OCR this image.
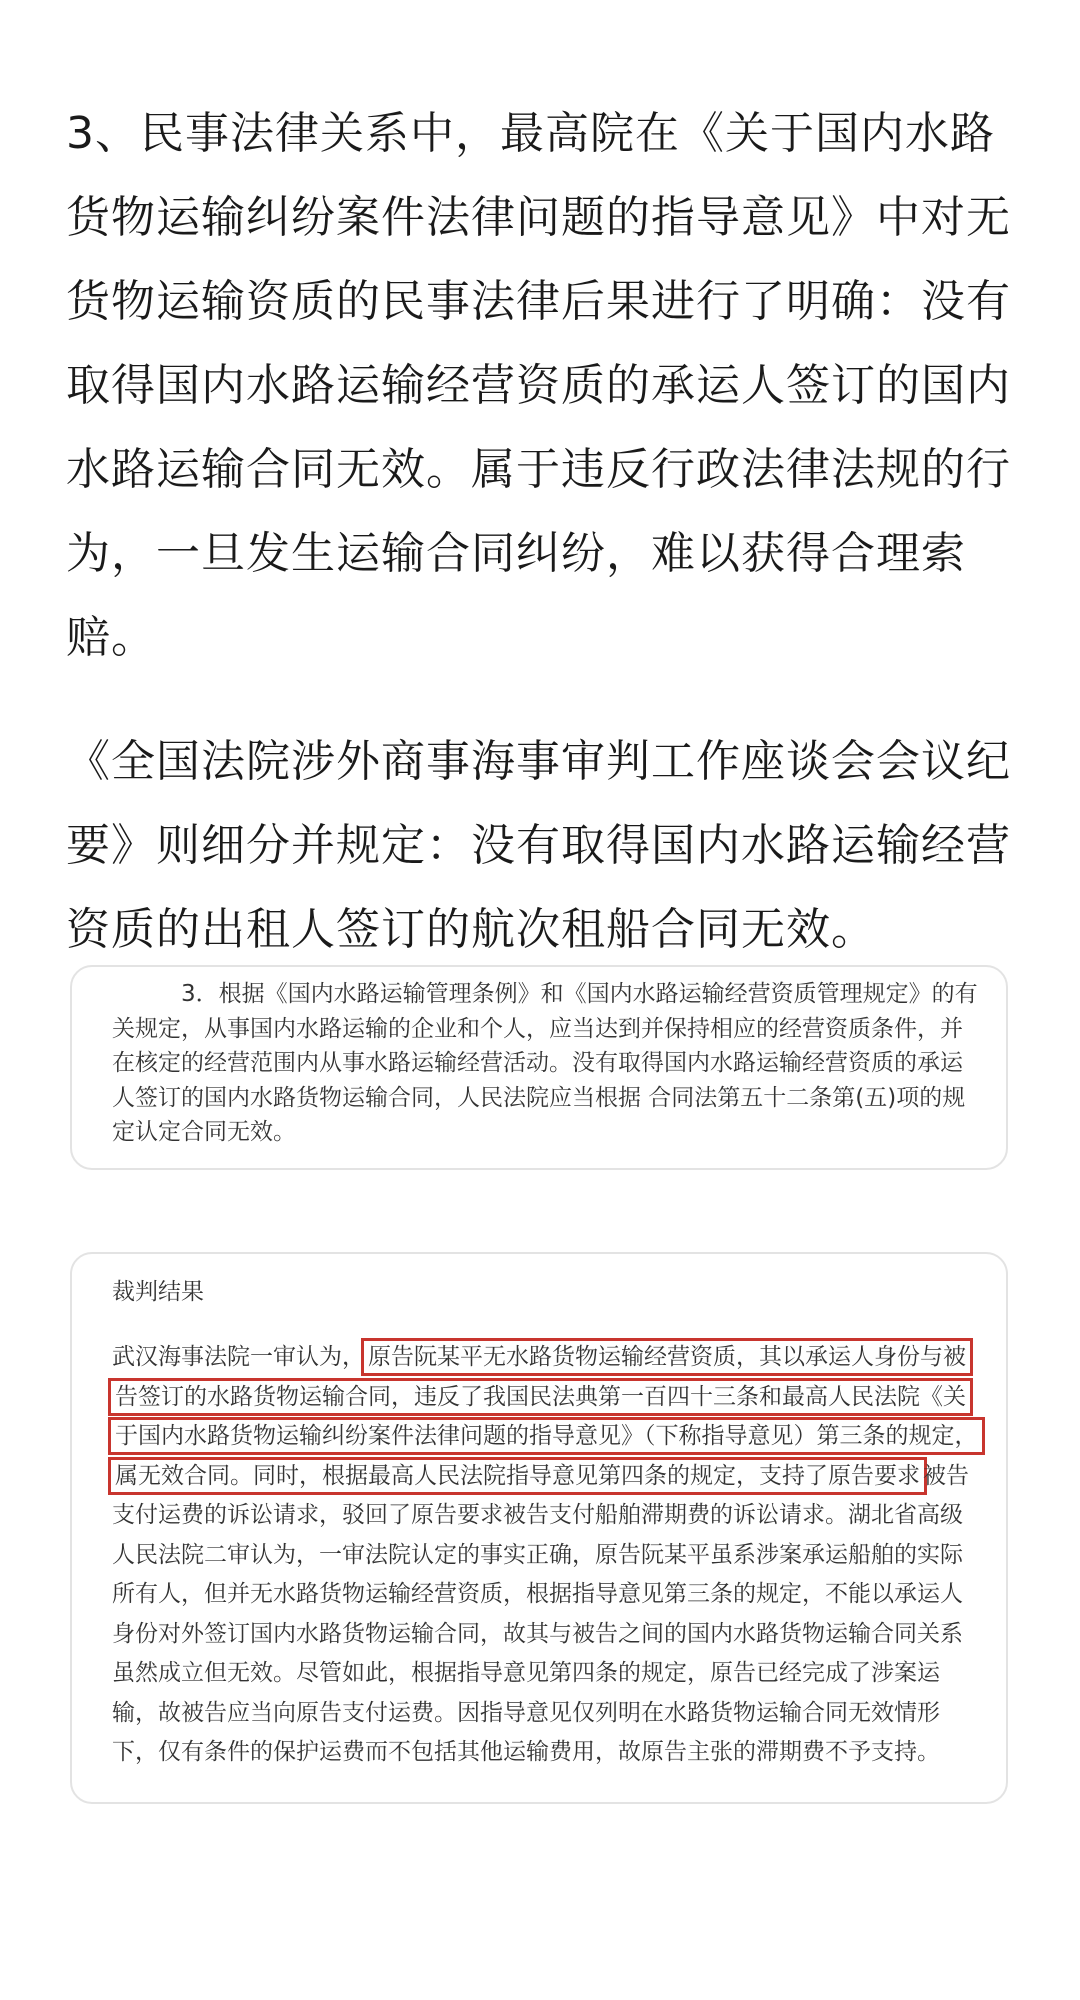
3、民事法律关系中，最高院在《关于国内水路货物运输纠纷案件法律问题的指导意见》中对无货物运输资质的民事法律后果进行了明确：没有取得国内水路运输经营资质的承运人签订的国内水路运输合同无效。属于违反行政法律法规的行为，一旦发生运输合同纠纷，难以获得合理索赔。

《全国法院涉外商事海事审判工作座谈会会议纪要》则细分并规定：没有取得国内水路运输经营资质的出租人签订的航次租船合同无效。

3．根据《国内水路运输管理条例》和《国内水路运输经营资质管理规定》的有关规定，从事国内水路运输的企业和个人，应当达到并保持相应的经营资质条件，并在核定的经营范围内从事水路运输经营活动。没有取得国内水路运输经营资质的承运人签订的国内水路货物运输合同，人民法院应当根据 合同法第五十二条第(五)项的规定认定合同无效。

裁判结果

武汉海事法院一审认为， 原告阮某平无水路货物运输经营资质，其以承运人身份与被告签订的水路货物运输合同，违反了我国民法典第一百四十三条和最高人民法院《关于国内水路货物运输纠纷案件法律问题的指导意见》（下称指导意见）第三条的规定，属无效合同。同时，根据最高人民法院指导意见第四条的规定，支持了原告要求 被告支付运费的诉讼请求，驳回了原告要求被告支付船舶滞期费的诉讼请求。湖北省高级人民法院二审认为，一审法院认定的事实正确，原告阮某平虽系涉案承运船舶的实际所有人，但并无水路货物运输经营资质，根据指导意见第三条的规定，不能以承运人身份对外签订国内水路货物运输合同，故其与被告之间的国内水路货物运输合同关系虽然成立但无效。尽管如此，根据指导意见第四条的规定，原告已经完成了涉案运输，故被告应当向原告支付运费。因指导意见仅列明在水路货物运输合同无效情形下，仅有条件的保护运费而不包括其他运输费用，故原告主张的滞期费不予支持。
